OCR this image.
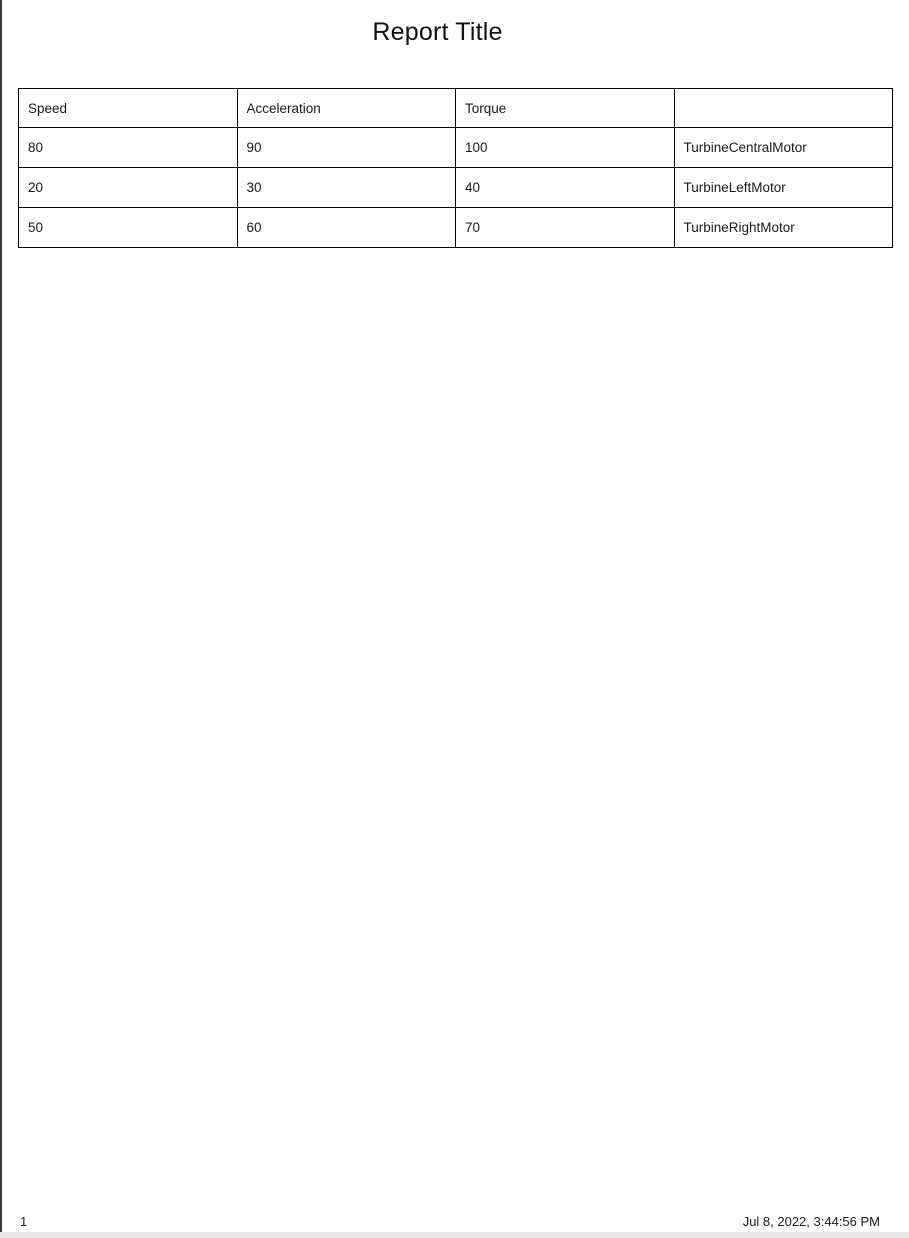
Report Title
Speed	Acceleration	Torque	
80	90	100	TurbineCentralMotor
20	30	40	TurbineLeftMotor
50	60	70	TurbineRightMotor
1	Jul 8, 2022, 3:44:56 PM
